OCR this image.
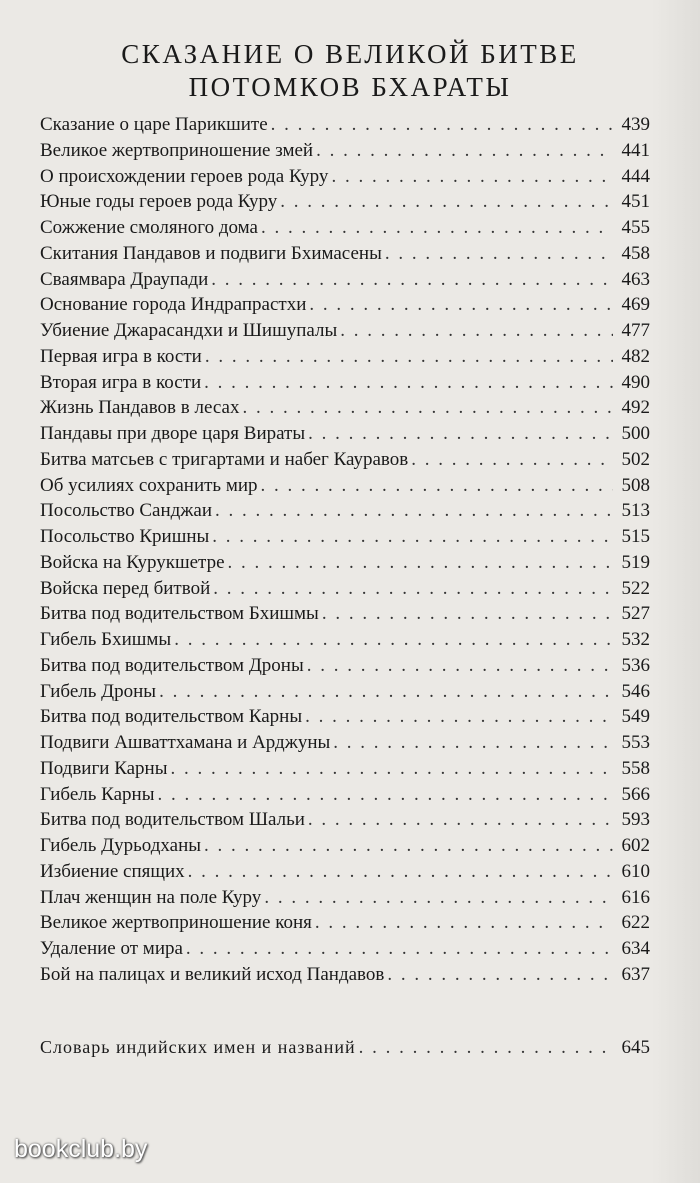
СКАЗАНИЕ О ВЕЛИКОЙ БИТВЕ
ПОТОМКОВ БХАРАТЫ
Сказание о царе Парикшите . . .	439
Великое жертвоприношение змей . . .	441
О происхождении героев рода Куру . . .	444
Юные годы героев рода Куру . . .	451
Сожжение смоляного дома . . .	455
Скитания Пандавов и подвиги Бхимасены . . .	458
Сваямвара Драупади . . .	463
Основание города Индрапрастхи . . .	469
Убиение Джарасандхи и Шишупалы . . .	477
Первая игра в кости . . .	482
Вторая игра в кости . . .	490
Жизнь Пандавов в лесах . . .	492
Пандавы при дворе царя Вираты . . .	500
Битва матсьев с тригартами и набег Кауравов . . .	502
Об усилиях сохранить мир . . .	508
Посольство Санджаи . . .	513
Посольство Кришны . . .	515
Войска на Курукшетре . . .	519
Войска перед битвой . . .	522
Битва под водительством Бхишмы . . .	527
Гибель Бхишмы . . .	532
Битва под водительством Дроны . . .	536
Гибель Дроны . . .	546
Битва под водительством Карны . . .	549
Подвиги Ашваттхамана и Арджуны . . .	553
Подвиги Карны . . .	558
Гибель Карны . . .	566
Битва под водительством Шальи . . .	593
Гибель Дурьодханы . . .	602
Избиение спящих . . .	610
Плач женщин на поле Куру . . .	616
Великое жертвоприношение коня . . .	622
Удаление от мира . . .	634
Бой на палицах и великий исход Пандавов . . .	637
Словарь индийских имен и названий . . .	645
bookclub.by
